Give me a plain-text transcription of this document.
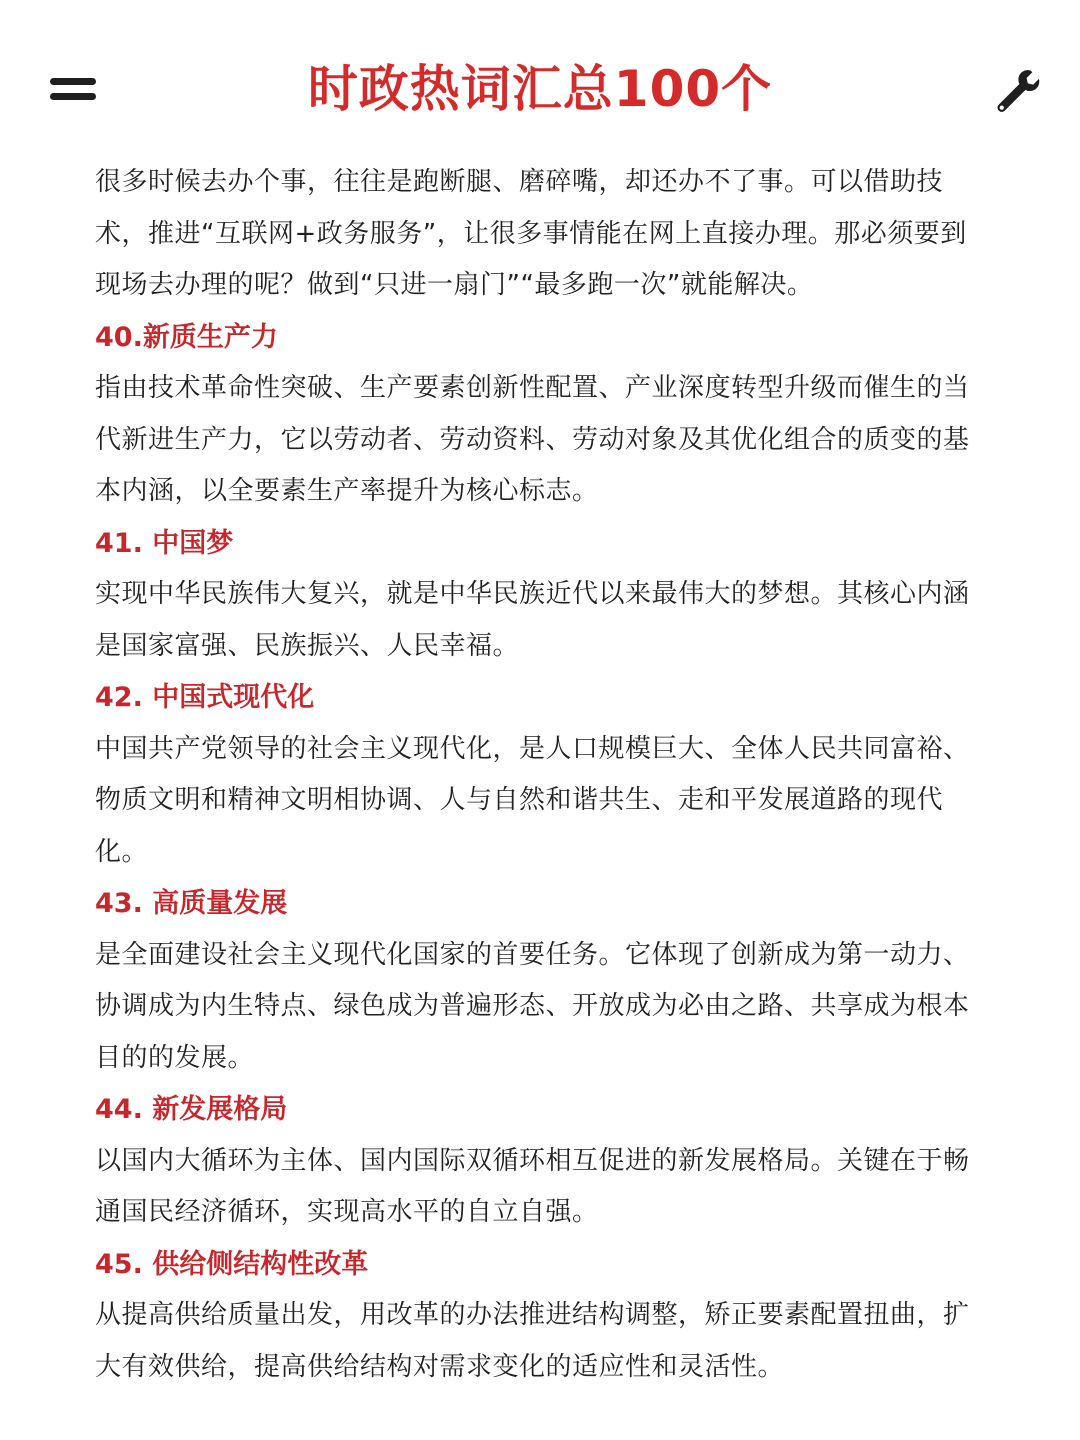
时政热词汇总100个

很多时候去办个事，往往是跑断腿、磨碎嘴，却还办不了事。可以借助技术，推进“互联网+政务服务”，让很多事情能在网上直接办理。那必须要到现场去办理的呢？做到“只进一扇门”“最多跑一次”就能解决。

40.新质生产力

指由技术革命性突破、生产要素创新性配置、产业深度转型升级而催生的当代新进生产力，它以劳动者、劳动资料、劳动对象及其优化组合的质变的基本内涵，以全要素生产率提升为核心标志。

41. 中国梦

实现中华民族伟大复兴，就是中华民族近代以来最伟大的梦想。其核心内涵是国家富强、民族振兴、人民幸福。

42. 中国式现代化

中国共产党领导的社会主义现代化，是人口规模巨大、全体人民共同富裕、物质文明和精神文明相协调、人与自然和谐共生、走和平发展道路的现代化。

43. 高质量发展

是全面建设社会主义现代化国家的首要任务。它体现了创新成为第一动力、协调成为内生特点、绿色成为普遍形态、开放成为必由之路、共享成为根本目的的发展。

44. 新发展格局

以国内大循环为主体、国内国际双循环相互促进的新发展格局。关键在于畅通国民经济循环，实现高水平的自立自强。

45. 供给侧结构性改革

从提高供给质量出发，用改革的办法推进结构调整，矫正要素配置扭曲，扩大有效供给，提高供给结构对需求变化的适应性和灵活性。
